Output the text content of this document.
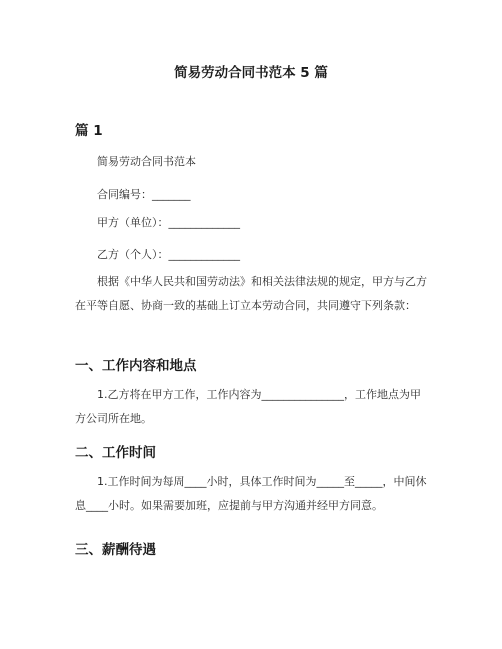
简易劳动合同书范本 5 篇
篇 1
简易劳动合同书范本
合同编号：_______
甲方（单位）：_____________
乙方（个人）：_____________
根据《中华人民共和国劳动法》和相关法律法规的规定，甲方与乙方在平等自愿、协商一致的基础上订立本劳动合同，共同遵守下列条款：
一、工作内容和地点
1.乙方将在甲方工作，工作内容为_______________，工作地点为甲方公司所在地。
二、工作时间
1.工作时间为每周____小时，具体工作时间为_____至_____，中间休息____小时。如果需要加班，应提前与甲方沟通并经甲方同意。
三、薪酬待遇
